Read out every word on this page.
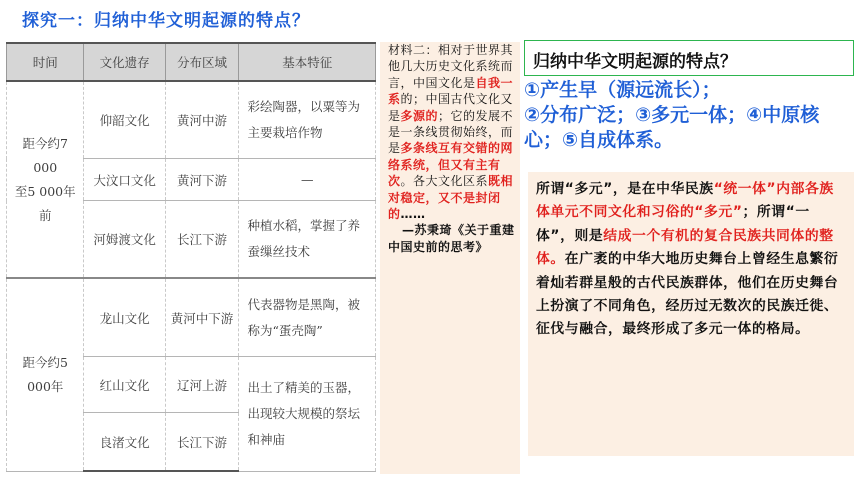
探究一：归纳中华文明起源的特点？
时间	文化遗存	分布区域	基本特征
距今约7 000
至5 000年前	仰韶文化	黄河中游	彩绘陶器，以粟等为主要栽培作物
	大汶口文化	黄河下游	—
	河姆渡文化	长江下游	种植水稻，掌握了养蚕缫丝技术
距今约5 000年	龙山文化	黄河中下游	代表器物是黑陶，被称为“蛋壳陶”
	红山文化	辽河上游	出土了精美的玉器，出现较大规模的祭坛和神庙
	良渚文化	长江下游	
材料二：相对于世界其他几大历史文化系统而言，中国文化是自我一系的；中国古代文化又是多源的；它的发展不是一条线贯彻始终，而是多条线互有交错的网络系统，但又有主有次。各大文化区系既相对稳定，又不是封闭的……
—苏秉琦《关于重建中国史前的思考》
归纳中华文明起源的特点？
①产生早（源远流长）；
②分布广泛；③多元一体；④中原核心；⑤自成体系。
所谓“多元”，是在中华民族“统一体”内部各族体单元不同文化和习俗的“多元”；所谓“一体”，则是结成一个有机的复合民族共同体的整体。在广袤的中华大地历史舞台上曾经生息繁衍着灿若群星般的古代民族群体，他们在历史舞台上扮演了不同角色，经历过无数次的民族迁徙、征伐与融合，最终形成了多元一体的格局。
